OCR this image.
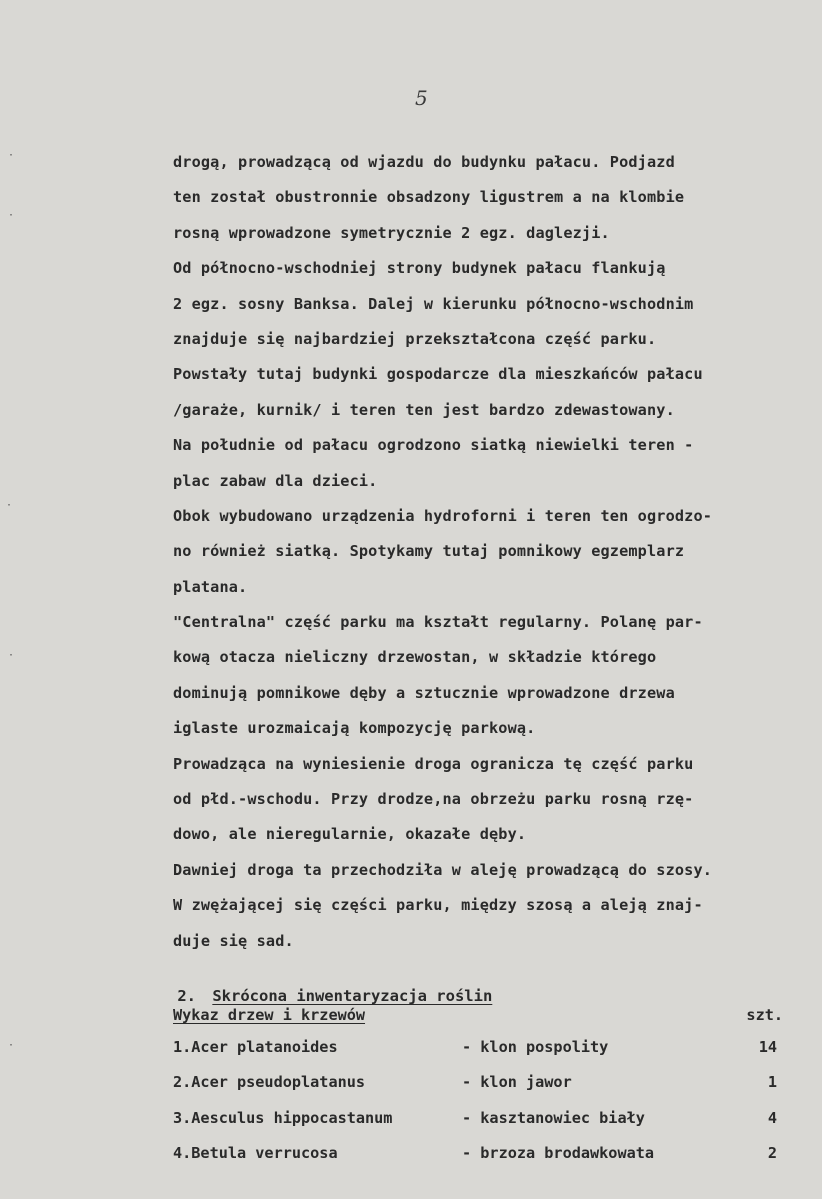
5
drogą, prowadzącą od wjazdu do budynku pałacu. Podjazd
ten został obustronnie obsadzony ligustrem a na klombie
rosną wprowadzone symetrycznie 2 egz. daglezji.
Od północno-wschodniej strony budynek pałacu flankują
2 egz. sosny Banksa. Dalej w kierunku północno-wschodnim
znajduje się najbardziej przekształcona część parku.
Powstały tutaj budynki gospodarcze dla mieszkańców pałacu
/garaże, kurnik/ i teren ten jest bardzo zdewastowany.
Na południe od pałacu ogrodzono siatką niewielki teren -
plac zabaw dla dzieci.
Obok wybudowano urządzenia hydroforni i teren ten ogrodzo-
no również siatką. Spotykamy tutaj pomnikowy egzemplarz
platana.
"Centralna" część parku ma kształt regularny. Polanę par-
kową otacza nieliczny drzewostan, w składzie którego
dominują pomnikowe dęby a sztucznie wprowadzone drzewa
iglaste urozmaicają kompozycję parkową.
Prowadząca na wyniesienie droga ogranicza tę część parku
od płd.-wschodu. Przy drodze,na obrzeżu parku rosną rzę-
dowo, ale nieregularnie, okazałe dęby.
Dawniej droga ta przechodziła w aleję prowadzącą do szosy.
W zwężającej się części parku, między szosą a aleją znaj-
duje się sad.

2. Skrócona inwentaryzacja roślin

Wykaz drzew i krzewów	szt.
1.Acer platanoides	- klon pospolity	14
2.Acer pseudoplatanus	- klon jawor	1
3.Aesculus hippocastanum	- kasztanowiec biały	4
4.Betula verrucosa	- brzoza brodawkowata	2
·
·
·
·
·
